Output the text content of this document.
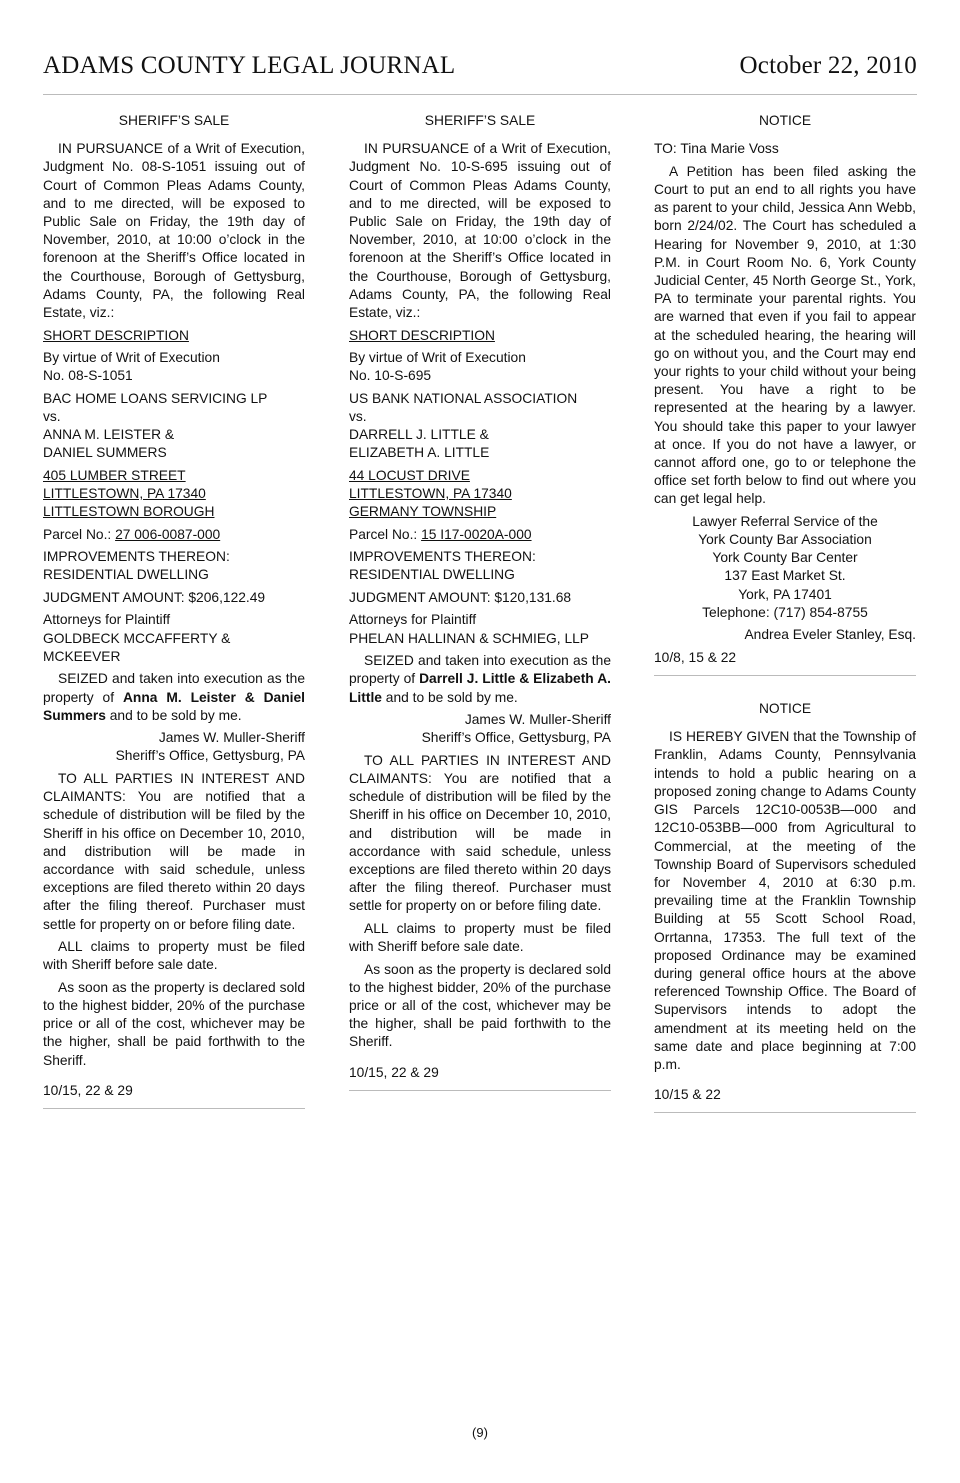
ADAMS COUNTY LEGAL JOURNAL	October 22, 2010

SHERIFF’S SALE

IN PURSUANCE of a Writ of Execution, Judgment No. 08-S-1051 issuing out of Court of Common Pleas Adams County, and to me directed, will be exposed to Public Sale on Friday, the 19th day of November, 2010, at 10:00 o’clock in the forenoon at the Sheriff’s Office located in the Courthouse, Borough of Gettysburg, Adams County, PA, the following Real Estate, viz.:

SHORT DESCRIPTION

By virtue of Writ of Execution
No. 08-S-1051

BAC HOME LOANS SERVICING LP
vs.
ANNA M. LEISTER &
DANIEL SUMMERS

405 LUMBER STREET
LITTLESTOWN, PA 17340
LITTLESTOWN BOROUGH

Parcel No.: 27 006-0087-000

IMPROVEMENTS THEREON:
RESIDENTIAL DWELLING

JUDGMENT AMOUNT: $206,122.49

Attorneys for Plaintiff
GOLDBECK MCCAFFERTY &
MCKEEVER

SEIZED and taken into execution as the property of Anna M. Leister & Daniel Summers and to be sold by me.

James W. Muller-Sheriff
Sheriff’s Office, Gettysburg, PA

TO ALL PARTIES IN INTEREST AND CLAIMANTS: You are notified that a schedule of distribution will be filed by the Sheriff in his office on December 10, 2010, and distribution will be made in accordance with said schedule, unless exceptions are filed thereto within 20 days after the filing thereof. Purchaser must settle for property on or before filing date.

ALL claims to property must be filed with Sheriff before sale date.

As soon as the property is declared sold to the highest bidder, 20% of the purchase price or all of the cost, whichever may be the higher, shall be paid forthwith to the Sheriff.

10/15, 22 & 29

SHERIFF’S SALE

IN PURSUANCE of a Writ of Execution, Judgment No. 10-S-695 issuing out of Court of Common Pleas Adams County, and to me directed, will be exposed to Public Sale on Friday, the 19th day of November, 2010, at 10:00 o’clock in the forenoon at the Sheriff’s Office located in the Courthouse, Borough of Gettysburg, Adams County, PA, the following Real Estate, viz.:

SHORT DESCRIPTION

By virtue of Writ of Execution
No. 10-S-695

US BANK NATIONAL ASSOCIATION
vs.
DARRELL J. LITTLE &
ELIZABETH A. LITTLE

44 LOCUST DRIVE
LITTLESTOWN, PA 17340
GERMANY TOWNSHIP

Parcel No.: 15 I17-0020A-000

IMPROVEMENTS THEREON:
RESIDENTIAL DWELLING

JUDGMENT AMOUNT: $120,131.68

Attorneys for Plaintiff
PHELAN HALLINAN & SCHMIEG, LLP

SEIZED and taken into execution as the property of Darrell J. Little & Elizabeth A. Little and to be sold by me.

James W. Muller-Sheriff
Sheriff’s Office, Gettysburg, PA

TO ALL PARTIES IN INTEREST AND CLAIMANTS: You are notified that a schedule of distribution will be filed by the Sheriff in his office on December 10, 2010, and distribution will be made in accordance with said schedule, unless exceptions are filed thereto within 20 days after the filing thereof. Purchaser must settle for property on or before filing date.

ALL claims to property must be filed with Sheriff before sale date.

As soon as the property is declared sold to the highest bidder, 20% of the purchase price or all of the cost, whichever may be the higher, shall be paid forthwith to the Sheriff.

10/15, 22 & 29

NOTICE

TO: Tina Marie Voss

A Petition has been filed asking the Court to put an end to all rights you have as parent to your child, Jessica Ann Webb, born 2/24/02. The Court has scheduled a Hearing for November 9, 2010, at 1:30 P.M. in Court Room No. 6, York County Judicial Center, 45 North George St., York, PA to terminate your parental rights. You are warned that even if you fail to appear at the scheduled hearing, the hearing will go on without you, and the Court may end your rights to your child without your being present. You have a right to be represented at the hearing by a lawyer. You should take this paper to your lawyer at once. If you do not have a lawyer, or cannot afford one, go to or telephone the office set forth below to find out where you can get legal help.

Lawyer Referral Service of the
York County Bar Association
York County Bar Center
137 East Market St.
York, PA 17401
Telephone: (717) 854-8755

Andrea Eveler Stanley, Esq.

10/8, 15 & 22

NOTICE

IS HEREBY GIVEN that the Township of Franklin, Adams County, Pennsylvania intends to hold a public hearing on a proposed zoning change to Adams County GIS Parcels 12C10-0053B—000 and 12C10-053BB—000 from Agricultural to Commercial, at the meeting of the Township Board of Supervisors scheduled for November 4, 2010 at 6:30 p.m. prevailing time at the Franklin Township Building at 55 Scott School Road, Orrtanna, 17353. The full text of the proposed Ordinance may be examined during general office hours at the above referenced Township Office. The Board of Supervisors intends to adopt the amendment at its meeting held on the same date and place beginning at 7:00 p.m.

10/15 & 22

(9)
